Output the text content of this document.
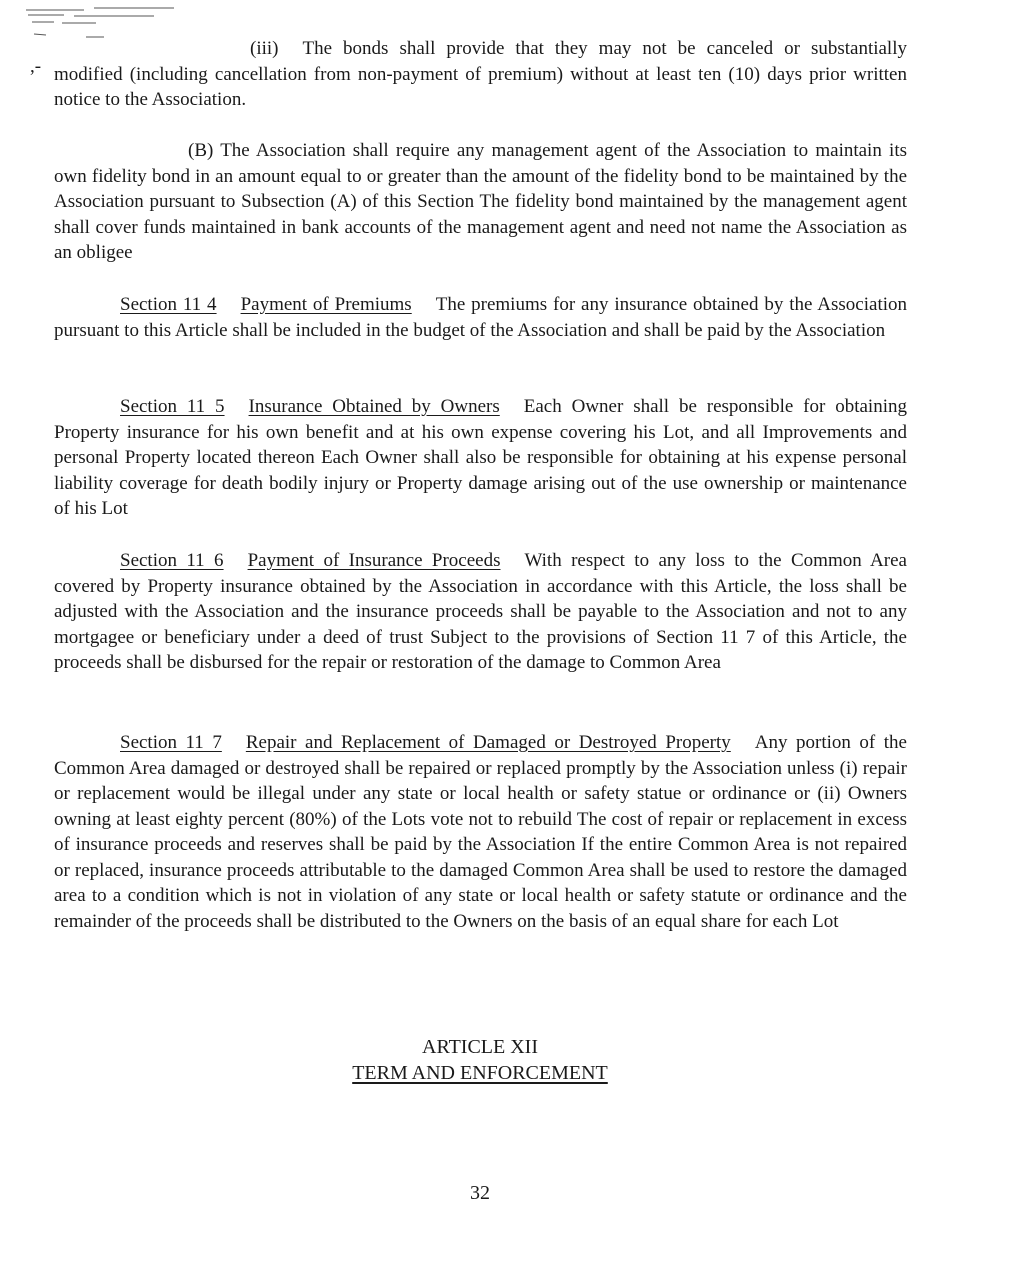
,-

(iii) The bonds shall provide that they may not be canceled or substantially modified (including cancellation from non-payment of premium) without at least ten (10) days prior written notice to the Association.

(B) The Association shall require any management agent of the Association to maintain its own fidelity bond in an amount equal to or greater than the amount of the fidelity bond to be maintained by the Association pursuant to Subsection (A) of this Section The fidelity bond maintained by the management agent shall cover funds maintained in bank accounts of the management agent and need not name the Association as an obligee

Section 11 4 Payment of Premiums The premiums for any insurance obtained by the Association pursuant to this Article shall be included in the budget of the Association and shall be paid by the Association

Section 11 5 Insurance Obtained by Owners Each Owner shall be responsible for obtaining Property insurance for his own benefit and at his own expense covering his Lot, and all Improvements and personal Property located thereon Each Owner shall also be responsible for obtaining at his expense personal liability coverage for death bodily injury or Property damage arising out of the use ownership or maintenance of his Lot

Section 11 6 Payment of Insurance Proceeds With respect to any loss to the Common Area covered by Property insurance obtained by the Association in accordance with this Article, the loss shall be adjusted with the Association and the insurance proceeds shall be payable to the Association and not to any mortgagee or beneficiary under a deed of trust Subject to the provisions of Section 11 7 of this Article, the proceeds shall be disbursed for the repair or restoration of the damage to Common Area

Section 11 7 Repair and Replacement of Damaged or Destroyed Property Any portion of the Common Area damaged or destroyed shall be repaired or replaced promptly by the Association unless (i) repair or replacement would be illegal under any state or local health or safety statue or ordinance or (ii) Owners owning at least eighty percent (80%) of the Lots vote not to rebuild The cost of repair or replacement in excess of insurance proceeds and reserves shall be paid by the Association If the entire Common Area is not repaired or replaced, insurance proceeds attributable to the damaged Common Area shall be used to restore the damaged area to a condition which is not in violation of any state or local health or safety statute or ordinance and the remainder of the proceeds shall be distributed to the Owners on the basis of an equal share for each Lot

ARTICLE XII
TERM AND ENFORCEMENT
32
